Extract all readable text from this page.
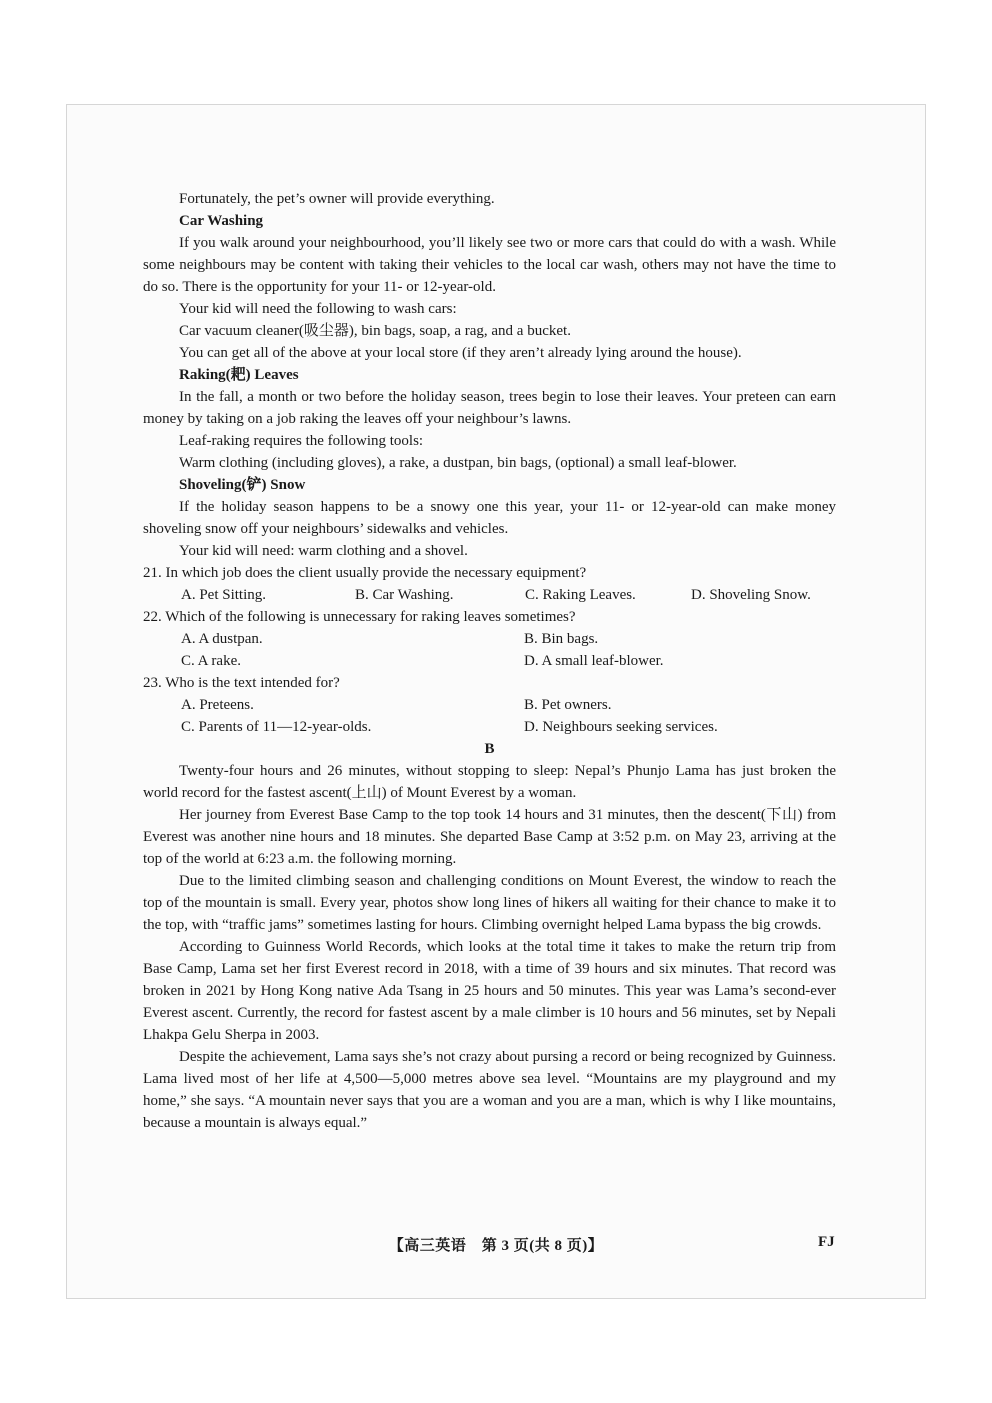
Fortunately, the pet’s owner will provide everything.

Car Washing

If you walk around your neighbourhood, you’ll likely see two or more cars that could do with a wash. While some neighbours may be content with taking their vehicles to the local car wash, others may not have the time to do so. There is the opportunity for your 11- or 12-year-old.

Your kid will need the following to wash cars:

Car vacuum cleaner(吸尘器), bin bags, soap, a rag, and a bucket.

You can get all of the above at your local store (if they aren’t already lying around the house).

Raking(耙) Leaves

In the fall, a month or two before the holiday season, trees begin to lose their leaves. Your preteen can earn money by taking on a job raking the leaves off your neighbour’s lawns.

Leaf-raking requires the following tools:

Warm clothing (including gloves), a rake, a dustpan, bin bags, (optional) a small leaf-blower.

Shoveling(铲) Snow

If the holiday season happens to be a snowy one this year, your 11- or 12-year-old can make money shoveling snow off your neighbours’ sidewalks and vehicles.

Your kid will need: warm clothing and a shovel.

21. In which job does the client usually provide the necessary equipment?

A. Pet Sitting.	B. Car Washing.	C. Raking Leaves.	D. Shoveling Snow.

22. Which of the following is unnecessary for raking leaves sometimes?

A. A dustpan.	B. Bin bags.
C. A rake.	D. A small leaf-blower.

23. Who is the text intended for?

A. Preteens.	B. Pet owners.
C. Parents of 11—12-year-olds.	D. Neighbours seeking services.

B

Twenty-four hours and 26 minutes, without stopping to sleep: Nepal’s Phunjo Lama has just broken the world record for the fastest ascent(上山) of Mount Everest by a woman.

Her journey from Everest Base Camp to the top took 14 hours and 31 minutes, then the descent(下山) from Everest was another nine hours and 18 minutes. She departed Base Camp at 3:52 p.m. on May 23, arriving at the top of the world at 6:23 a.m. the following morning.

Due to the limited climbing season and challenging conditions on Mount Everest, the window to reach the top of the mountain is small. Every year, photos show long lines of hikers all waiting for their chance to make it to the top, with “traffic jams” sometimes lasting for hours. Climbing overnight helped Lama bypass the big crowds.

According to Guinness World Records, which looks at the total time it takes to make the return trip from Base Camp, Lama set her first Everest record in 2018, with a time of 39 hours and six minutes. That record was broken in 2021 by Hong Kong native Ada Tsang in 25 hours and 50 minutes. This year was Lama’s second-ever Everest ascent. Currently, the record for fastest ascent by a male climber is 10 hours and 56 minutes, set by Nepali Lhakpa Gelu Sherpa in 2003.

Despite the achievement, Lama says she’s not crazy about pursing a record or being recognized by Guinness. Lama lived most of her life at 4,500—5,000 metres above sea level. “Mountains are my playground and my home,” she says. “A mountain never says that you are a woman and you are a man, which is why I like mountains, because a mountain is always equal.”

【高三英语　第 3 页(共 8 页)】	FJ
